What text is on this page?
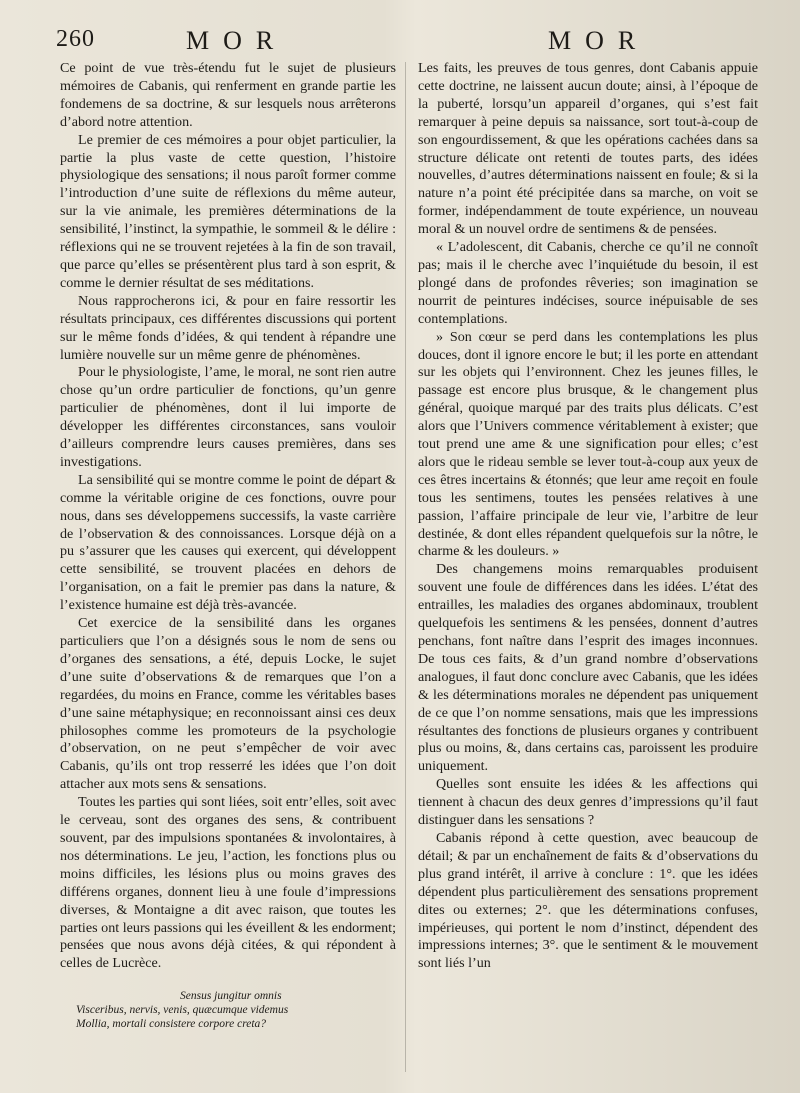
260	MOR	MOR

Ce point de vue très-étendu fut le sujet de plusieurs mémoires de Cabanis, qui renferment en grande partie les fondemens de sa doctrine, & sur lesquels nous arrêterons d’abord notre attention.

Le premier de ces mémoires a pour objet particulier, la partie la plus vaste de cette question, l’histoire physiologique des sensations; il nous paroît former comme l’introduction d’une suite de réflexions du même auteur, sur la vie animale, les premières déterminations de la sensibilité, l’instinct, la sympathie, le sommeil & le délire : réflexions qui ne se trouvent rejetées à la fin de son travail, que parce qu’elles se présentèrent plus tard à son esprit, & comme le dernier résultat de ses méditations.

Nous rapprocherons ici, & pour en faire ressortir les résultats principaux, ces différentes discussions qui portent sur le même fonds d’idées, & qui tendent à répandre une lumière nouvelle sur un même genre de phénomènes.

Pour le physiologiste, l’ame, le moral, ne sont rien autre chose qu’un ordre particulier de fonctions, qu’un genre particulier de phénomènes, dont il lui importe de développer les différentes circonstances, sans vouloir d’ailleurs comprendre leurs causes premières, dans ses investigations.

La sensibilité qui se montre comme le point de départ & comme la véritable origine de ces fonctions, ouvre pour nous, dans ses développemens successifs, la vaste carrière de l’observation & des connoissances. Lorsque déjà on a pu s’assurer que les causes qui exercent, qui développent cette sensibilité, se trouvent placées en dehors de l’organisation, on a fait le premier pas dans la nature, & l’existence humaine est déjà très-avancée.

Cet exercice de la sensibilité dans les organes particuliers que l’on a désignés sous le nom de sens ou d’organes des sensations, a été, depuis Locke, le sujet d’une suite d’observations & de remarques que l’on a regardées, du moins en France, comme les véritables bases d’une saine métaphysique; en reconnoissant ainsi ces deux philosophes comme les promoteurs de la psychologie d’observation, on ne peut s’empêcher de voir avec Cabanis, qu’ils ont trop resserré les idées que l’on doit attacher aux mots sens & sensations.

Toutes les parties qui sont liées, soit entr’elles, soit avec le cerveau, sont des organes des sens, & contribuent souvent, par des impulsions spontanées & involontaires, à nos déterminations. Le jeu, l’action, les fonctions plus ou moins difficiles, les lésions plus ou moins graves des différens organes, donnent lieu à une foule d’impressions diverses, & Montaigne a dit avec raison, que toutes les parties ont leurs passions qui les éveillent & les endorment; pensées que nous avons déjà citées, & qui répondent à celles de Lucrèce.

Sensus jungitur omnis
Visceribus, nervis, venis, quæcumque videmus
Mollia, mortali consistere corpore creta?

Les faits, les preuves de tous genres, dont Cabanis appuie cette doctrine, ne laissent aucun doute; ainsi, à l’époque de la puberté, lorsqu’un appareil d’organes, qui s’est fait remarquer à peine depuis sa naissance, sort tout-à-coup de son engourdissement, & que les opérations cachées dans sa structure délicate ont retenti de toutes parts, des idées nouvelles, d’autres déterminations naissent en foule; & si la nature n’a point été précipitée dans sa marche, on voit se former, indépendamment de toute expérience, un nouveau moral & un nouvel ordre de sentimens & de pensées.

« L’adolescent, dit Cabanis, cherche ce qu’il ne connoît pas; mais il le cherche avec l’inquiétude du besoin, il est plongé dans de profondes rêveries; son imagination se nourrit de peintures indécises, source inépuisable de ses contemplations.

» Son cœur se perd dans les contemplations les plus douces, dont il ignore encore le but; il les porte en attendant sur les objets qui l’environnent. Chez les jeunes filles, le passage est encore plus brusque, & le changement plus général, quoique marqué par des traits plus délicats. C’est alors que l’Univers commence véritablement à exister; que tout prend une ame & une signification pour elles; c’est alors que le rideau semble se lever tout-à-coup aux yeux de ces êtres incertains & étonnés; que leur ame reçoit en foule tous les sentimens, toutes les pensées relatives à une passion, l’affaire principale de leur vie, l’arbitre de leur destinée, & dont elles répandent quelquefois sur la nôtre, le charme & les douleurs. »

Des changemens moins remarquables produisent souvent une foule de différences dans les idées. L’état des entrailles, les maladies des organes abdominaux, troublent quelquefois les sentimens & les pensées, donnent d’autres penchans, font naître dans l’esprit des images inconnues. De tous ces faits, & d’un grand nombre d’observations analogues, il faut donc conclure avec Cabanis, que les idées & les déterminations morales ne dépendent pas uniquement de ce que l’on nomme sensations, mais que les impressions résultantes des fonctions de plusieurs organes y contribuent plus ou moins, &, dans certains cas, paroissent les produire uniquement.

Quelles sont ensuite les idées & les affections qui tiennent à chacun des deux genres d’impressions qu’il faut distinguer dans les sensations ?

Cabanis répond à cette question, avec beaucoup de détail; & par un enchaînement de faits & d’observations du plus grand intérêt, il arrive à conclure : 1°. que les idées dépendent plus particulièrement des sensations proprement dites ou externes; 2°. que les déterminations confuses, impérieuses, qui portent le nom d’instinct, dépendent des impressions internes; 3°. que le sentiment & le mouvement sont liés l’un
